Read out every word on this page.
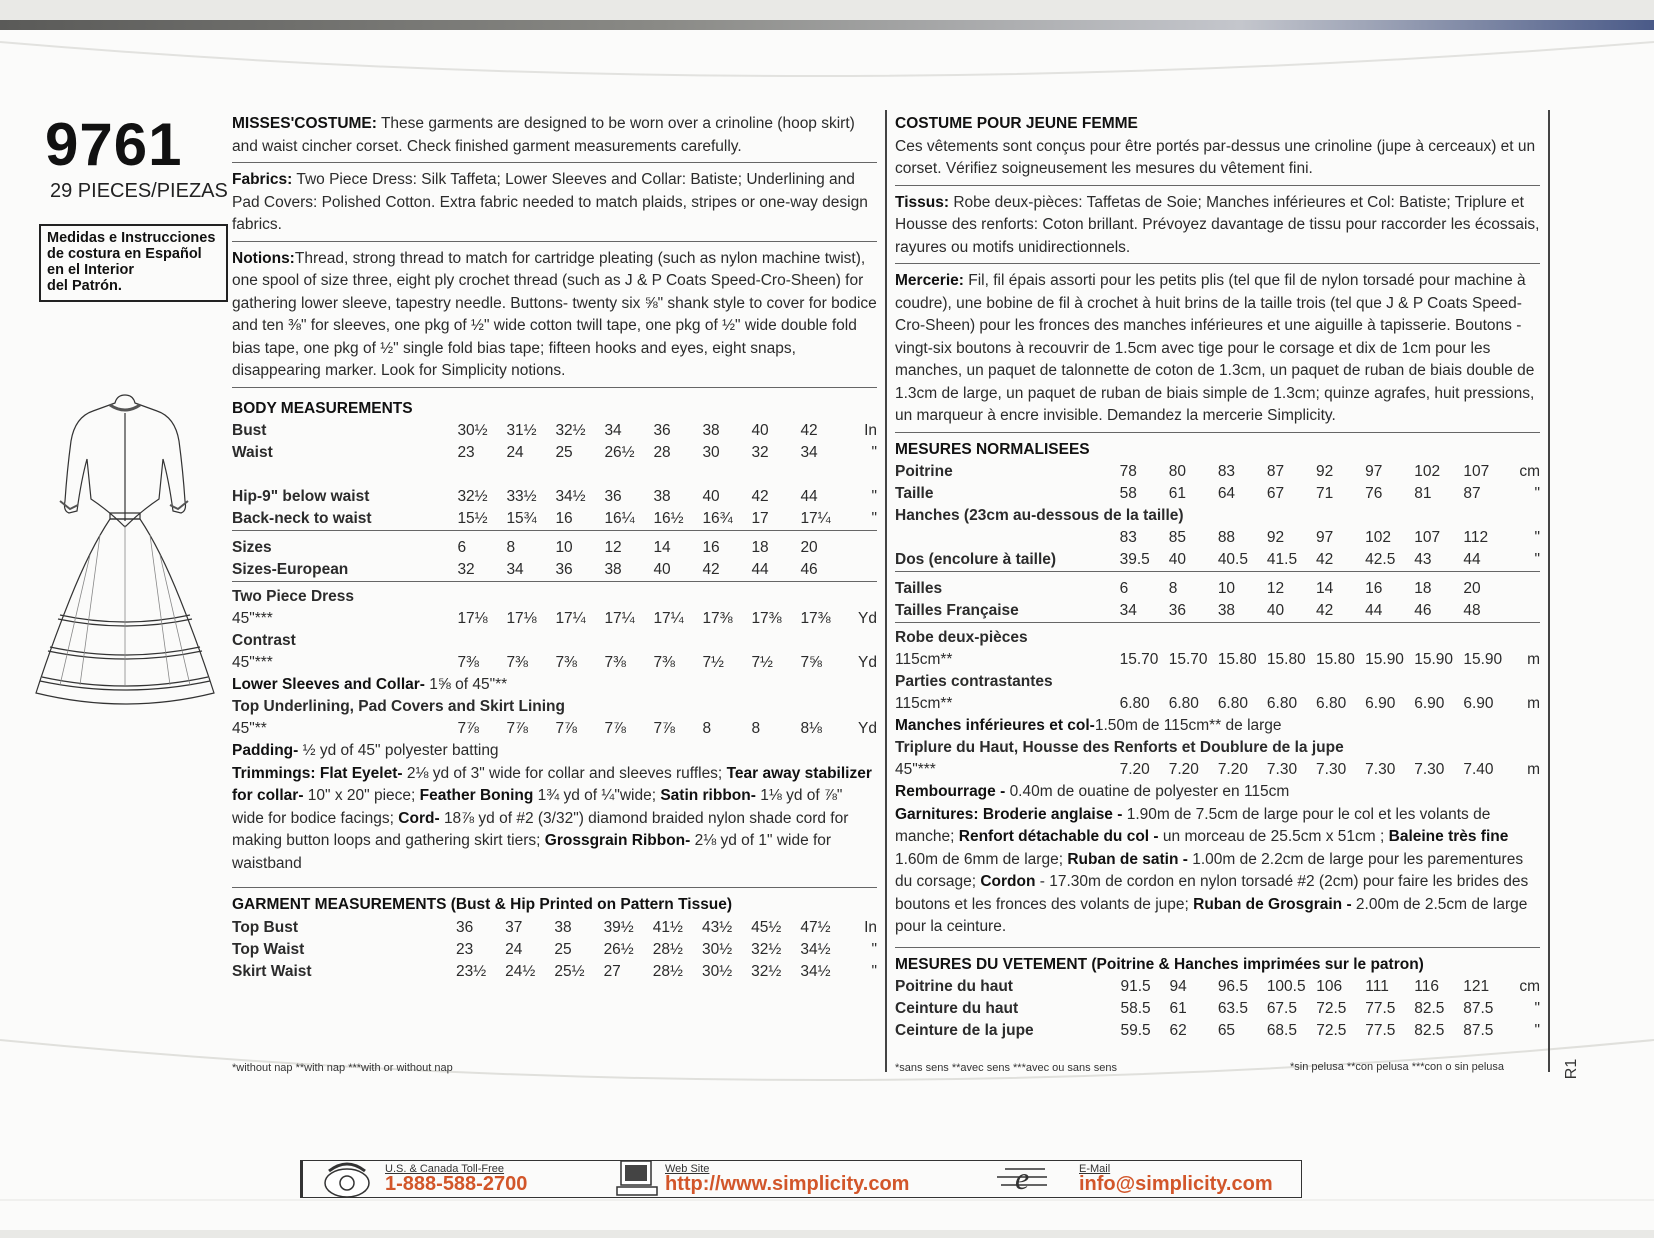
9761
29 PIECES/PIEZAS
Medidas e Instrucciones
de costura en Español
en el Interior
del Patrón.
MISSES'COSTUME: These garments are designed to be worn over a crinoline (hoop skirt) and waist cincher corset. Check finished garment measurements carefully.
Fabrics: Two Piece Dress: Silk Taffeta; Lower Sleeves and Collar: Batiste; Underlining and Pad Covers: Polished Cotton. Extra fabric needed to match plaids, stripes or one-way design fabrics.
Notions:Thread, strong thread to match for cartridge pleating (such as nylon machine twist), one spool of size three, eight ply crochet thread (such as J & P Coats Speed-Cro-Sheen) for gathering lower sleeve, tapestry needle. Buttons- twenty six ⅝" shank style to cover for bodice and ten ⅜" for sleeves, one pkg of ½" wide cotton twill tape, one pkg of ½" wide double fold bias tape, one pkg of ½" single fold bias tape; fifteen hooks and eyes, eight snaps, disappearing marker. Look for Simplicity notions.
BODY MEASUREMENTS
Bust	30½	31½	32½	34	36	38	40	42	In
Waist	23	24	25	26½	28	30	32	34	"

Hip-9" below waist	32½	33½	34½	36	38	40	42	44	"
Back-neck to waist	15½	15¾	16	16¼	16½	16¾	17	17¼	"
Sizes	6	8	10	12	14	16	18	20	
Sizes-European	32	34	36	38	40	42	44	46	
Two Piece Dress									
45"***	17⅛	17⅛	17¼	17¼	17¼	17⅜	17⅜	17⅜	Yd
Contrast									
45"***	7⅜	7⅜	7⅜	7⅜	7⅜	7½	7½	7⅝	Yd
Lower Sleeves and Collar- 1⅝ of 45"**									
Top Underlining, Pad Covers and Skirt Lining									
45"**	7⅞	7⅞	7⅞	7⅞	7⅞	8	8	8⅛	Yd
Padding- ½ yd of 45" polyester batting
Trimmings: Flat Eyelet- 2⅛ yd of 3" wide for collar and sleeves ruffles; Tear away stabilizer for collar- 10" x 20" piece; Feather Boning 1¾ yd of ¼"wide; Satin ribbon- 1⅛ yd of ⅞" wide for bodice facings; Cord- 18⅞ yd of #2 (3/32") diamond braided nylon shade cord for making button loops and gathering skirt tiers; Grossgrain Ribbon- 2⅛ yd of 1" wide for waistband
GARMENT MEASUREMENTS (Bust & Hip Printed on Pattern Tissue)
Top Bust	36	37	38	39½	41½	43½	45½	47½	In
Top Waist	23	24	25	26½	28½	30½	32½	34½	"
Skirt Waist	23½	24½	25½	27	28½	30½	32½	34½	"
COSTUME POUR JEUNE FEMME
Ces vêtements sont conçus pour être portés par-dessus une crinoline (jupe à cerceaux) et un corset. Vérifiez soigneusement les mesures du vêtement fini.
Tissus: Robe deux-pièces: Taffetas de Soie; Manches inférieures et Col: Batiste; Triplure et Housse des renforts: Coton brillant. Prévoyez davantage de tissu pour raccorder les écossais, rayures ou motifs unidirectionnels.
Mercerie: Fil, fil épais assorti pour les petits plis (tel que fil de nylon torsadé pour machine à coudre), une bobine de fil à crochet à huit brins de la taille trois (tel que J & P Coats Speed-Cro-Sheen) pour les fronces des manches inférieures et une aiguille à tapisserie. Boutons - vingt-six boutons à recouvrir de 1.5cm avec tige pour le corsage et dix de 1cm pour les manches, un paquet de talonnette de coton de 1.3cm, un paquet de ruban de biais double de 1.3cm de large, un paquet de ruban de biais simple de 1.3cm; quinze agrafes, huit pressions, un marqueur à encre invisible. Demandez la mercerie Simplicity.
MESURES NORMALISEES
Poitrine	78	80	83	87	92	97	102	107	cm
Taille	58	61	64	67	71	76	81	87	"
Hanches (23cm au-dessous de la taille)									
	83	85	88	92	97	102	107	112	"
Dos (encolure à taille)	39.5	40	40.5	41.5	42	42.5	43	44	"
Tailles	6	8	10	12	14	16	18	20	
Tailles Française	34	36	38	40	42	44	46	48	
Robe deux-pièces									
115cm**	15.70	15.70	15.80	15.80	15.80	15.90	15.90	15.90	m
Parties contrastantes									
115cm**	6.80	6.80	6.80	6.80	6.80	6.90	6.90	6.90	m
Manches inférieures et col-1.50m de 115cm** de large									
Triplure du Haut, Housse des Renforts et Doublure de la jupe									
45"***	7.20	7.20	7.20	7.30	7.30	7.30	7.30	7.40	m
Rembourrage - 0.40m de ouatine de polyester en 115cm
Garnitures: Broderie anglaise - 1.90m de 7.5cm de large pour le col et les volants de manche; Renfort détachable du col - un morceau de 25.5cm x 51cm ; Baleine très fine 1.60m de 6mm de large; Ruban de satin - 1.00m de 2.2cm de large pour les parementures du corsage; Cordon - 17.30m de cordon en nylon torsadé #2 (2cm) pour faire les brides des boutons et les fronces des volants de jupe; Ruban de Grosgrain - 2.00m de 2.5cm de large pour la ceinture.
MESURES DU VETEMENT (Poitrine & Hanches imprimées sur le patron)
Poitrine du haut	91.5	94	96.5	100.5	106	111	116	121	cm
Ceinture du haut	58.5	61	63.5	67.5	72.5	77.5	82.5	87.5	"
Ceinture de la jupe	59.5	62	65	68.5	72.5	77.5	82.5	87.5	"
*without nap **with nap ***with or without nap	*sans sens **avec sens ***avec ou sans sens	*sin pelusa **con pelusa ***con o sin pelusa	R1
U.S. & Canada Toll-Free
1-888-588-2700
Web Site
http://www.simplicity.com	e	E-Mail
info@simplicity.com
